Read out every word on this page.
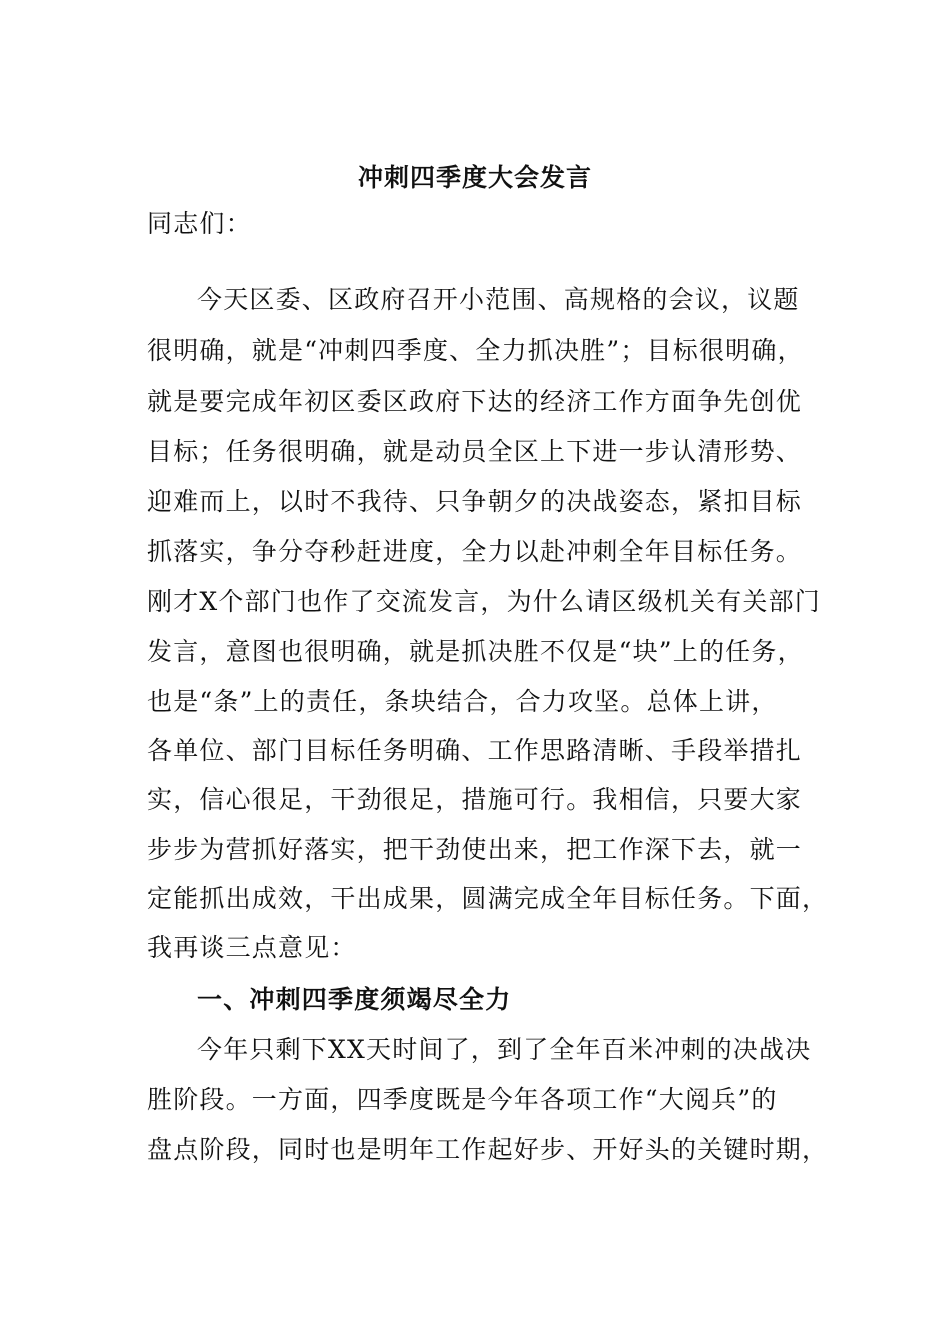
冲刺四季度大会发言
同志们：
今天区委、区政府召开小范围、高规格的会议，议题
很明确，就是“冲刺四季度、全力抓决胜”；目标很明确，
就是要完成年初区委区政府下达的经济工作方面争先创优
目标；任务很明确，就是动员全区上下进一步认清形势、
迎难而上，以时不我待、只争朝夕的决战姿态，紧扣目标
抓落实，争分夺秒赶进度，全力以赴冲刺全年目标任务。
刚才X个部门也作了交流发言，为什么请区级机关有关部门
发言，意图也很明确，就是抓决胜不仅是“块”上的任务，
也是“条”上的责任，条块结合，合力攻坚。总体上讲，
各单位、部门目标任务明确、工作思路清晰、手段举措扎
实，信心很足，干劲很足，措施可行。我相信，只要大家
步步为营抓好落实，把干劲使出来，把工作深下去，就一
定能抓出成效，干出成果，圆满完成全年目标任务。下面，
我再谈三点意见：
一、冲刺四季度须竭尽全力
今年只剩下XX天时间了，到了全年百米冲刺的决战决
胜阶段。一方面，四季度既是今年各项工作“大阅兵”的
盘点阶段，同时也是明年工作起好步、开好头的关键时期，
